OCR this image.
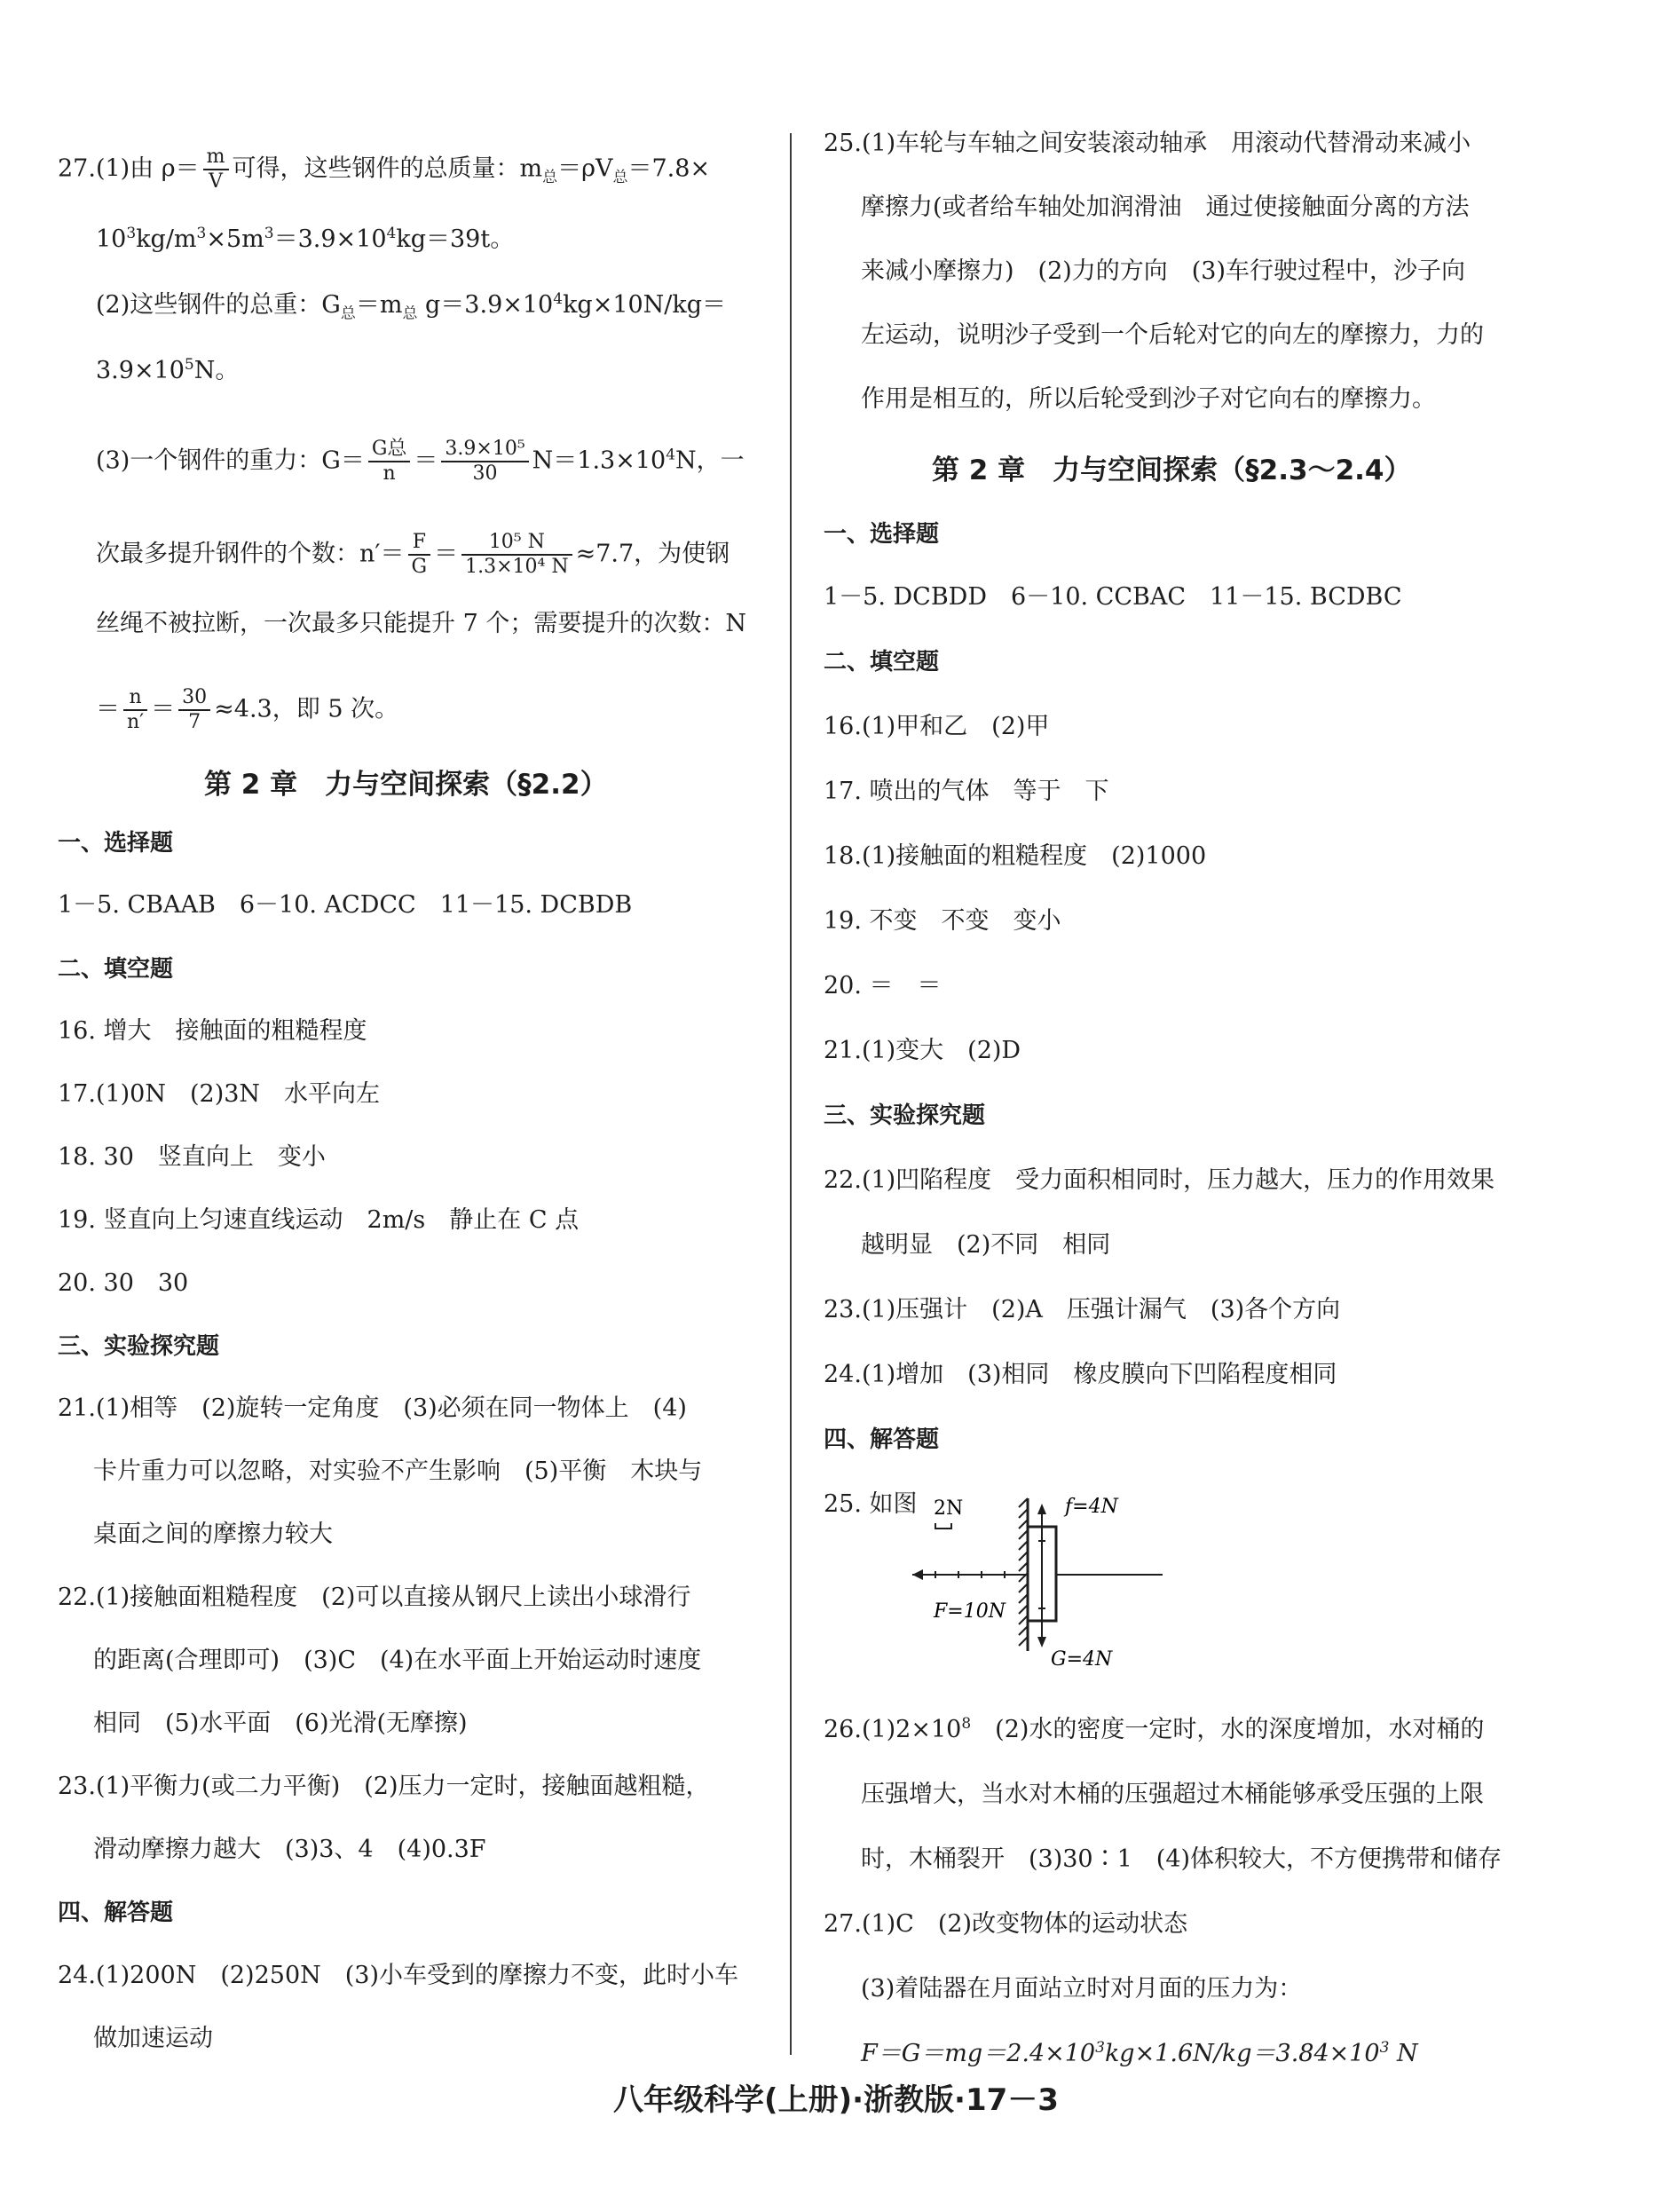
27.(1)由 $\rho= \frac{m}{V}$ 可得，这些钢件的总质量：$m_总=\rho V_总=7.8\times$
$10^3kg/m^3\times 5m^3=3.9\times 10^4kg=39t$。
(2)这些钢件的总重：$G_总=m_总$ $g=3.9\times 10^4kg\times 10N/kg=$
$3.9\times 10^5N$。
(3)一个钢件的重力：$G= \frac{\text{G总}}{n} = \frac{\text{3.9×10⁵}}{30} N=1.3\times 10^4N$，一
次最多提升钢件的个数：$n'= \frac{F}{G} = \frac{\text{10⁵ N}}{\text{1.3×10⁴ N}} \approx 7.7$，为使钢
丝绳不被拉断，一次最多只能提升 7 个；需要提升的次数：N
＝ $\frac{n}{n'} = \frac{30}{7} \approx 4.3$，即 5 次。
第 2 章　力与空间探索（§2.2）
一、选择题
1－5. CBAAB　6－10. ACDCC　11－15. DCBDB
二、填空题
16. 增大　接触面的粗糙程度
17.(1)0N　(2)3N　水平向左
18. 30　竖直向上　变小
19. 竖直向上匀速直线运动　2m/s　静止在 C 点
20. 30　30
三、实验探究题
21.(1)相等　(2)旋转一定角度　(3)必须在同一物体上　(4)
卡片重力可以忽略，对实验不产生影响　(5)平衡　木块与
桌面之间的摩擦力较大
22.(1)接触面粗糙程度　(2)可以直接从钢尺上读出小球滑行
的距离(合理即可)　(3)C　(4)在水平面上开始运动时速度
相同　(5)水平面　(6)光滑(无摩擦)
23.(1)平衡力(或二力平衡)　(2)压力一定时，接触面越粗糙，
滑动摩擦力越大　(3)3、4　(4)0.3F
四、解答题
24.(1)200N　(2)250N　(3)小车受到的摩擦力不变，此时小车
做加速运动
25.(1)车轮与车轴之间安装滚动轴承　用滚动代替滑动来减小
摩擦力(或者给车轴处加润滑油　通过使接触面分离的方法
来减小摩擦力)　(2)力的方向　(3)车行驶过程中，沙子向
左运动，说明沙子受到一个后轮对它的向左的摩擦力，力的
作用是相互的，所以后轮受到沙子对它向右的摩擦力。
第 2 章　力与空间探索（§2.3～2.4）
一、选择题
1－5. DCBDD　6－10. CCBAC　11－15. BCDBC
二、填空题
16.(1)甲和乙　(2)甲
17. 喷出的气体　等于　下
18.(1)接触面的粗糙程度　(2)1000
19. 不变　不变　变小
20. ＝　＝
21.(1)变大　(2)D
三、实验探究题
22.(1)凹陷程度　受力面积相同时，压力越大，压力的作用效果
越明显　(2)不同　相同
23.(1)压强计　(2)A　压强计漏气　(3)各个方向
24.(1)增加　(3)相同　橡皮膜向下凹陷程度相同
四、解答题
25. 如图 2N	f=4N
F=10N
G=4N
$26.(1)2\times 10^8$　(2)水的密度一定时，水的深度增加，水对桶的
压强增大，当水对木桶的压强超过木桶能够承受压强的上限
时，木桶裂开　(3)30∶1　(4)体积较大，不方便携带和储存
27.(1)C　(2)改变物体的运动状态
(3)着陆器在月面站立时对月面的压力为：
$F=G=mg=2.4\times 10^3kg\times 1.6N/kg=3.84\times 10^3$ N
八年级科学(上册)·浙教版·17－3
